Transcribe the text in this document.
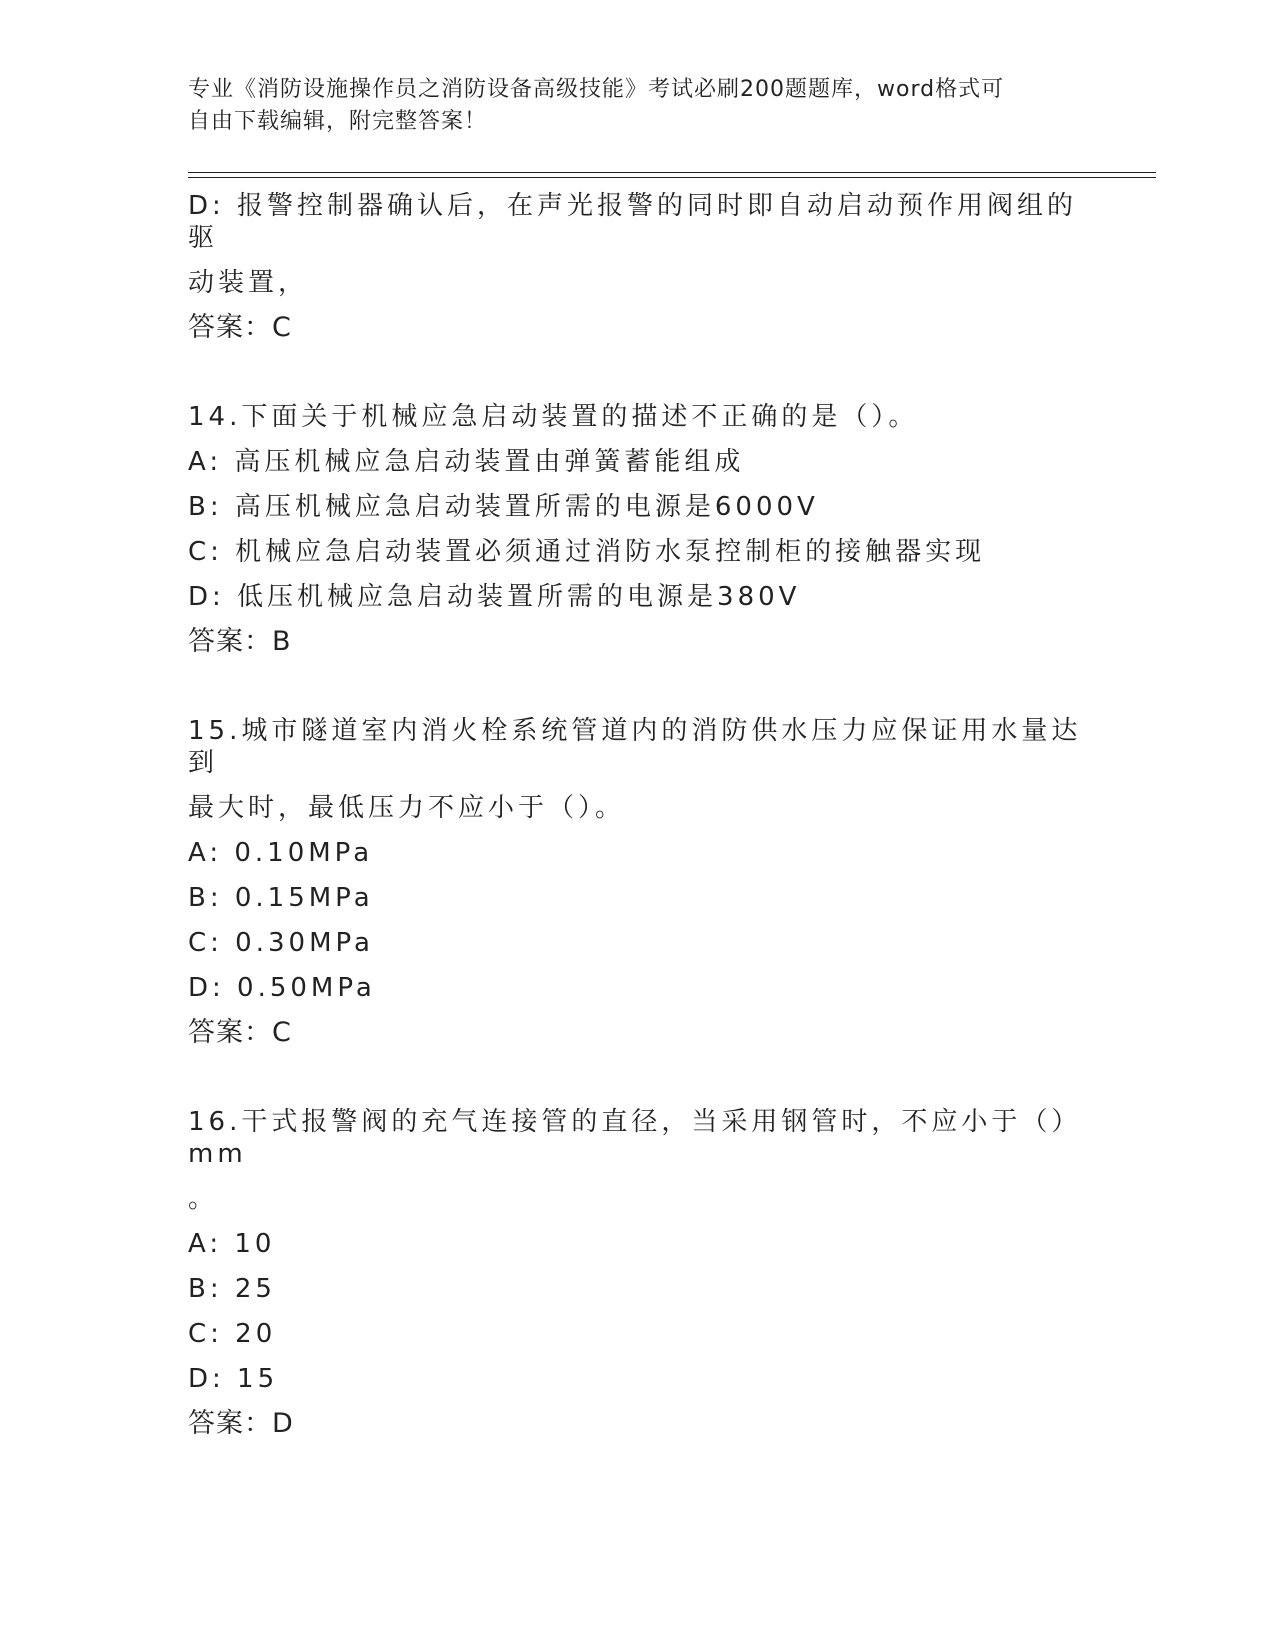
专业《消防设施操作员之消防设备高级技能》考试必刷200题题库，word格式可
自由下载编辑，附完整答案！
D: 报警控制器确认后，在声光报警的同时即自动启动预作用阀组的驱
动装置，
答案：C
14.下面关于机械应急启动装置的描述不正确的是（）。
A: 高压机械应急启动装置由弹簧蓄能组成
B: 高压机械应急启动装置所需的电源是6000V
C: 机械应急启动装置必须通过消防水泵控制柜的接触器实现
D: 低压机械应急启动装置所需的电源是380V
答案：B
15.城市隧道室内消火栓系统管道内的消防供水压力应保证用水量达到
最大时，最低压力不应小于（）。
A: 0.10MPa
B: 0.15MPa
C: 0.30MPa
D: 0.50MPa
答案：C
16.干式报警阀的充气连接管的直径，当采用钢管时，不应小于（）mm
。
A: 10
B: 25
C: 20
D: 15
答案：D
